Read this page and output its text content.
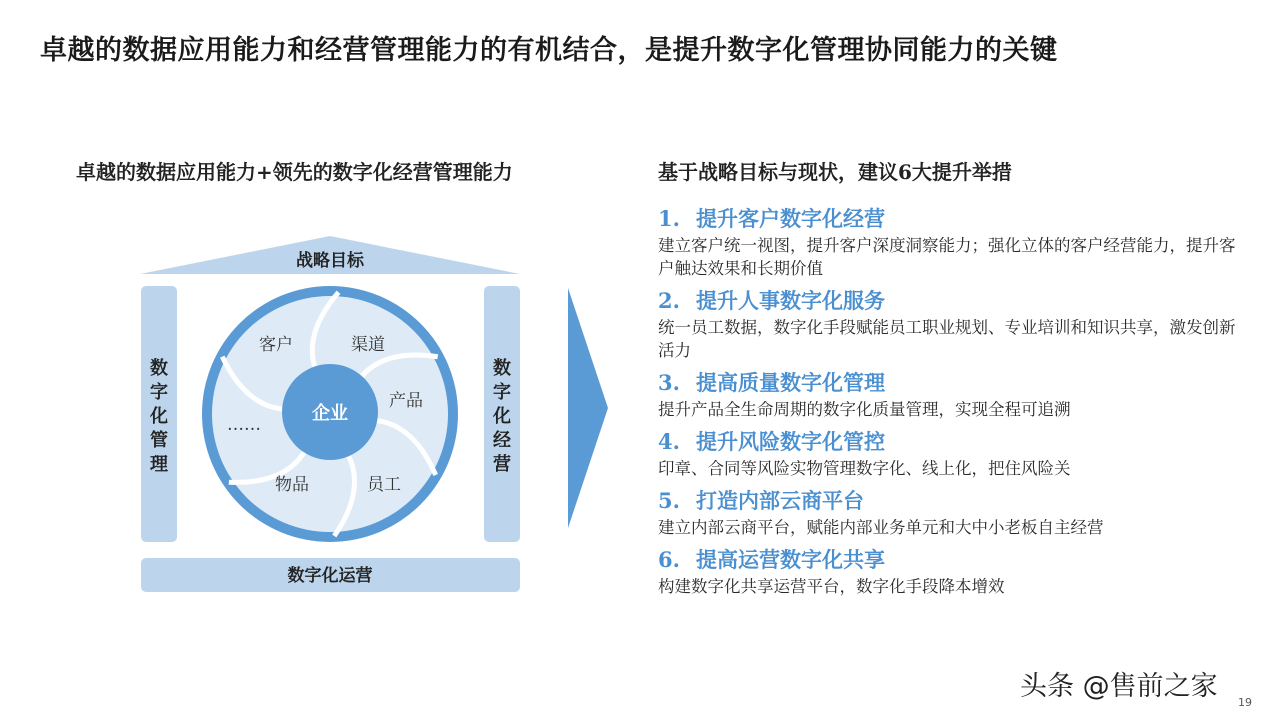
卓越的数据应用能力和经营管理能力的有机结合，是提升数字化管理协同能力的关键
卓越的数据应用能力+领先的数字化经营管理能力	基于战略目标与现状，建议6大提升举措
战略目标
数
字
化
管
理
数
字
化
经
营
数字化运营
企业
客户	渠道
产品
员工
物品
……
1. 提升客户数字化经营
建立客户统一视图，提升客户深度洞察能力；强化立体的客户经营能力，提升客户触达效果和长期价值
2. 提升人事数字化服务
统一员工数据，数字化手段赋能员工职业规划、专业培训和知识共享，激发创新活力
3. 提高质量数字化管理
提升产品全生命周期的数字化质量管理，实现全程可追溯
4. 提升风险数字化管控
印章、合同等风险实物管理数字化、线上化，把住风险关
5. 打造内部云商平台
建立内部云商平台，赋能内部业务单元和大中小老板自主经营
6. 提高运营数字化共享
构建数字化共享运营平台，数字化手段降本增效
头条 @售前之家
19
